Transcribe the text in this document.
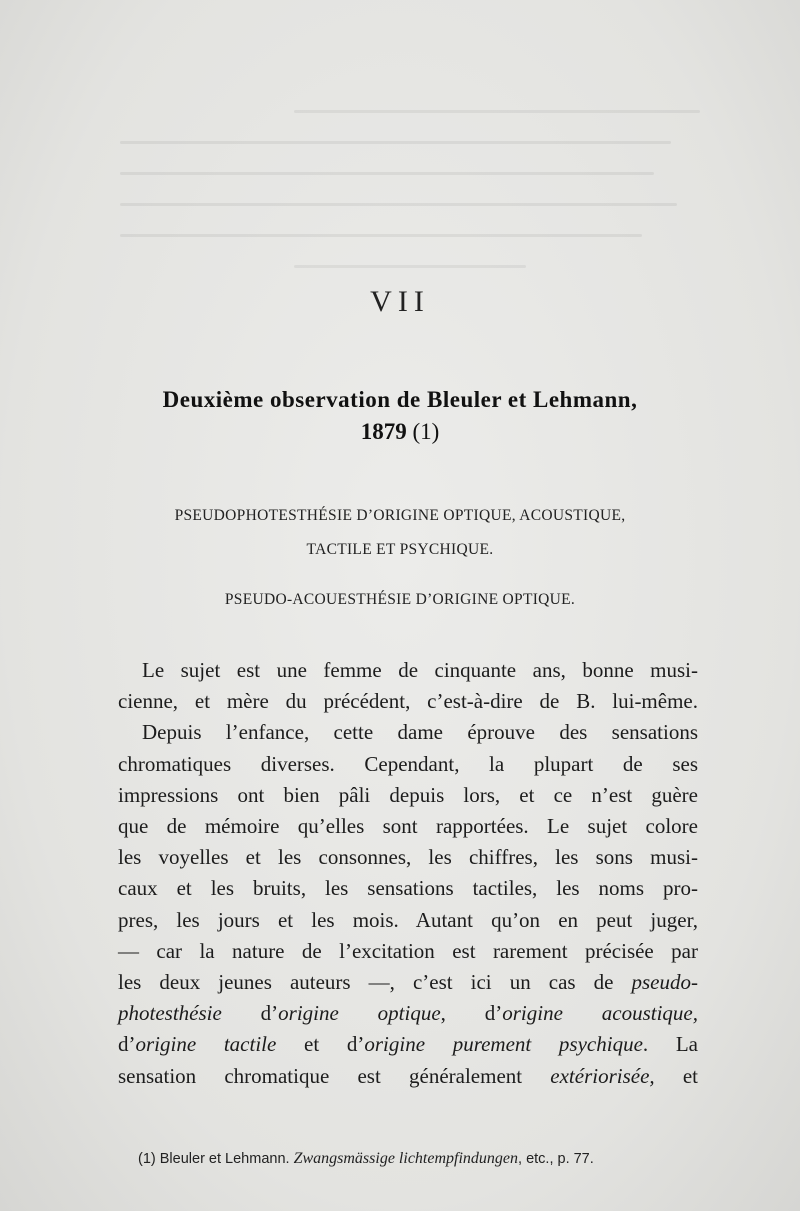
VII
Deuxième observation de Bleuler et Lehmann,
1879 (1)
PSEUDOPHOTESTHÉSIE D’ORIGINE OPTIQUE, ACOUSTIQUE,
TACTILE ET PSYCHIQUE.
PSEUDO-ACOUESTHÉSIE D’ORIGINE OPTIQUE.
Le sujet est une femme de cinquante ans, bonne musi-
cienne, et mère du précédent, c’est-à-dire de B. lui-même.
Depuis l’enfance, cette dame éprouve des sensations
chromatiques diverses. Cependant, la plupart de ses
impressions ont bien pâli depuis lors, et ce n’est guère
que de mémoire qu’elles sont rapportées. Le sujet colore
les voyelles et les consonnes, les chiffres, les sons musi-
caux et les bruits, les sensations tactiles, les noms pro-
pres, les jours et les mois. Autant qu’on en peut juger,
— car la nature de l’excitation est rarement précisée par
les deux jeunes auteurs —, c’est ici un cas de pseudo-
photesthésie d’origine optique, d’origine acoustique,
d’origine tactile et d’origine purement psychique. La
sensation chromatique est généralement extériorisée, et
(1) Bleuler et Lehmann. Zwangsmässige lichtempfindungen, etc., p. 77.
